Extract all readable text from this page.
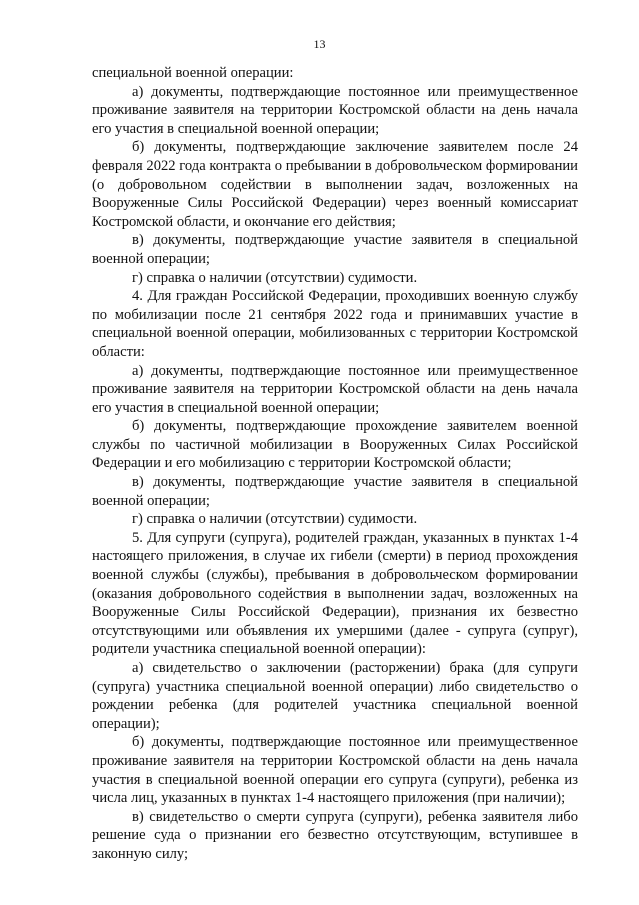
13

специальной военной операции:

а) документы, подтверждающие постоянное или преимущественное проживание заявителя на территории Костромской области на день начала его участия в специальной военной операции;

б) документы, подтверждающие заключение заявителем после 24 февраля 2022 года контракта о пребывании в добровольческом формировании (о добровольном содействии в выполнении задач, возложенных на Вооруженные Силы Российской Федерации) через военный комиссариат Костромской области, и окончание его действия;

в) документы, подтверждающие участие заявителя в специальной военной операции;

г) справка о наличии (отсутствии) судимости.

4. Для граждан Российской Федерации, проходивших военную службу по мобилизации после 21 сентября 2022 года и принимавших участие в специальной военной операции, мобилизованных с территории Костромской области:

а) документы, подтверждающие постоянное или преимущественное проживание заявителя на территории Костромской области на день начала его участия в специальной военной операции;

б) документы, подтверждающие прохождение заявителем военной службы по частичной мобилизации в Вооруженных Силах Российской Федерации и его мобилизацию с территории Костромской области;

в) документы, подтверждающие участие заявителя в специальной военной операции;

г) справка о наличии (отсутствии) судимости.

5. Для супруги (супруга), родителей граждан, указанных в пунктах 1-4 настоящего приложения, в случае их гибели (смерти) в период прохождения военной службы (службы), пребывания в добровольческом формировании (оказания добровольного содействия в выполнении задач, возложенных на Вооруженные Силы Российской Федерации), признания их безвестно отсутствующими или объявления их умершими (далее - супруга (супруг), родители участника специальной военной операции):

а) свидетельство о заключении (расторжении) брака (для супруги (супруга) участника специальной военной операции) либо свидетельство о рождении ребенка (для родителей участника специальной военной операции);

б) документы, подтверждающие постоянное или преимущественное проживание заявителя на территории Костромской области на день начала участия в специальной военной операции его супруга (супруги), ребенка из числа лиц, указанных в пунктах 1-4 настоящего приложения (при наличии);

в) свидетельство о смерти супруга (супруги), ребенка заявителя либо решение суда о признании его безвестно отсутствующим, вступившее в законную силу;
